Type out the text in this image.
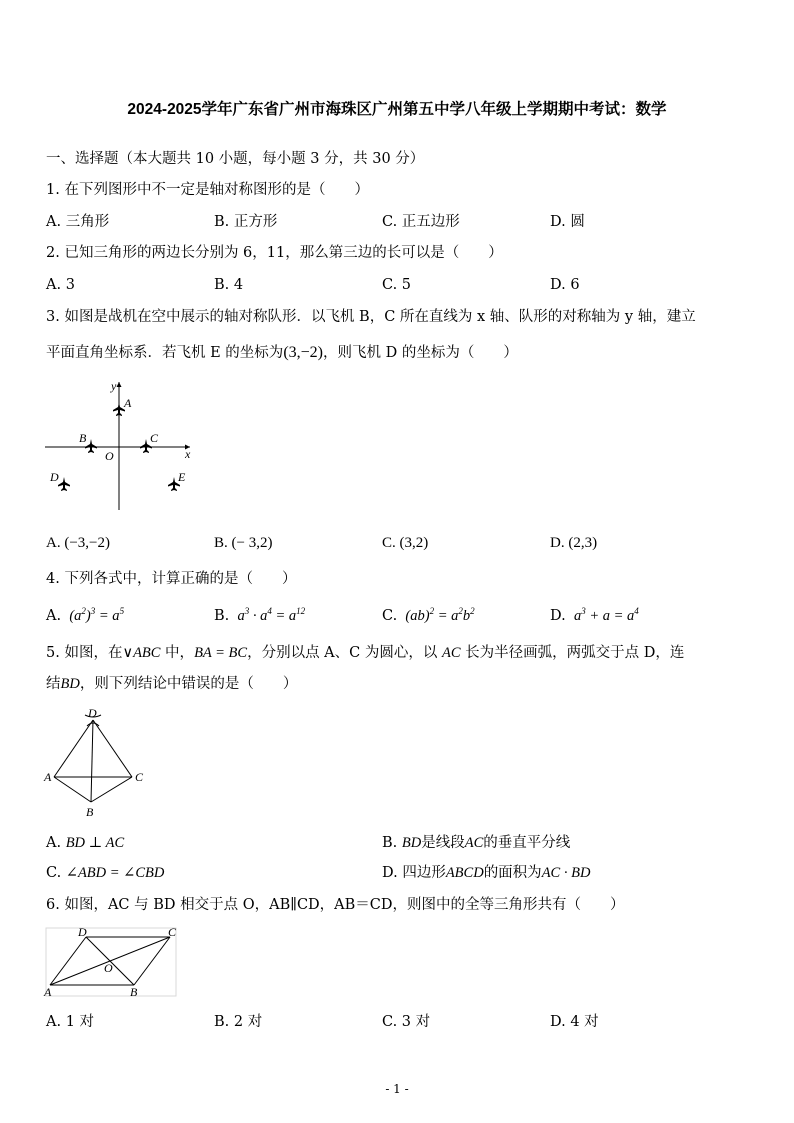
2024-2025学年广东省广州市海珠区广州第五中学八年级上学期期中考试：数学
一、选择题（本大题共 10 小题，每小题 3 分，共 30 分）
1. 在下列图形中不一定是轴对称图形的是（　　）
A. 三角形	B. 正方形	C. 正五边形	D. 圆
2. 已知三角形的两边长分别为 6，11，那么第三边的长可以是（　　）
A. 3	B. 4	C. 5	D. 6
3. 如图是战机在空中展示的轴对称队形．以飞机 B，C 所在直线为 x 轴、队形的对称轴为 y 轴，建立
平面直角坐标系．若飞机 E 的坐标为(3,−2)，则飞机 D 的坐标为（　　）
y
x
O
A
B	C
D	E
A. (−3,−2)	B. (− 3,2)	C. (3,2)	D. (2,3)
4. 下列各式中，计算正确的是（　　）
A.  $(a^2)^3 = a^5$	B.  $a^3 \cdot a^4 = a^{12}$	C.  $(ab)^2 = a^2b^2$	D.  $a^3 + a = a^4$
5. 如图，在∨ABC 中，BA = BC，分别以点 A、C 为圆心，以 AC 长为半径画弧，两弧交于点 D，连
结BD，则下列结论中错误的是（　　）
D
A	C
B
A. BD ⊥ AC	B. BD是线段AC的垂直平分线
C. ∠ABD = ∠CBD	D. 四边形ABCD的面积为AC · BD
6. 如图，AC 与 BD 相交于点 O，AB∥CD，AB＝CD，则图中的全等三角形共有（　　）
D	C
O
A	B
A. 1 对	B. 2 对	C. 3 对	D. 4 对
- 1 -
